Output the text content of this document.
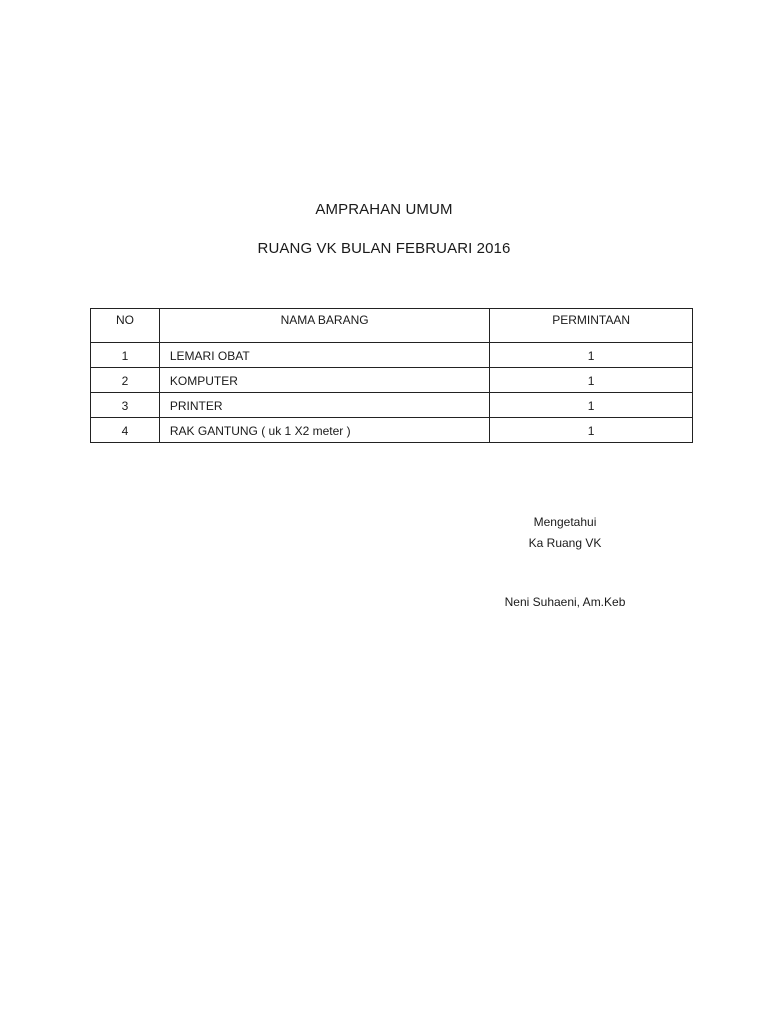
AMPRAHAN UMUM
RUANG VK BULAN FEBRUARI 2016
NO	NAMA BARANG	PERMINTAAN
1	LEMARI OBAT	1
2	KOMPUTER	1
3	PRINTER	1
4	RAK GANTUNG ( uk 1 X2 meter )	1
Mengetahui
Ka Ruang VK
Neni Suhaeni, Am.Keb
